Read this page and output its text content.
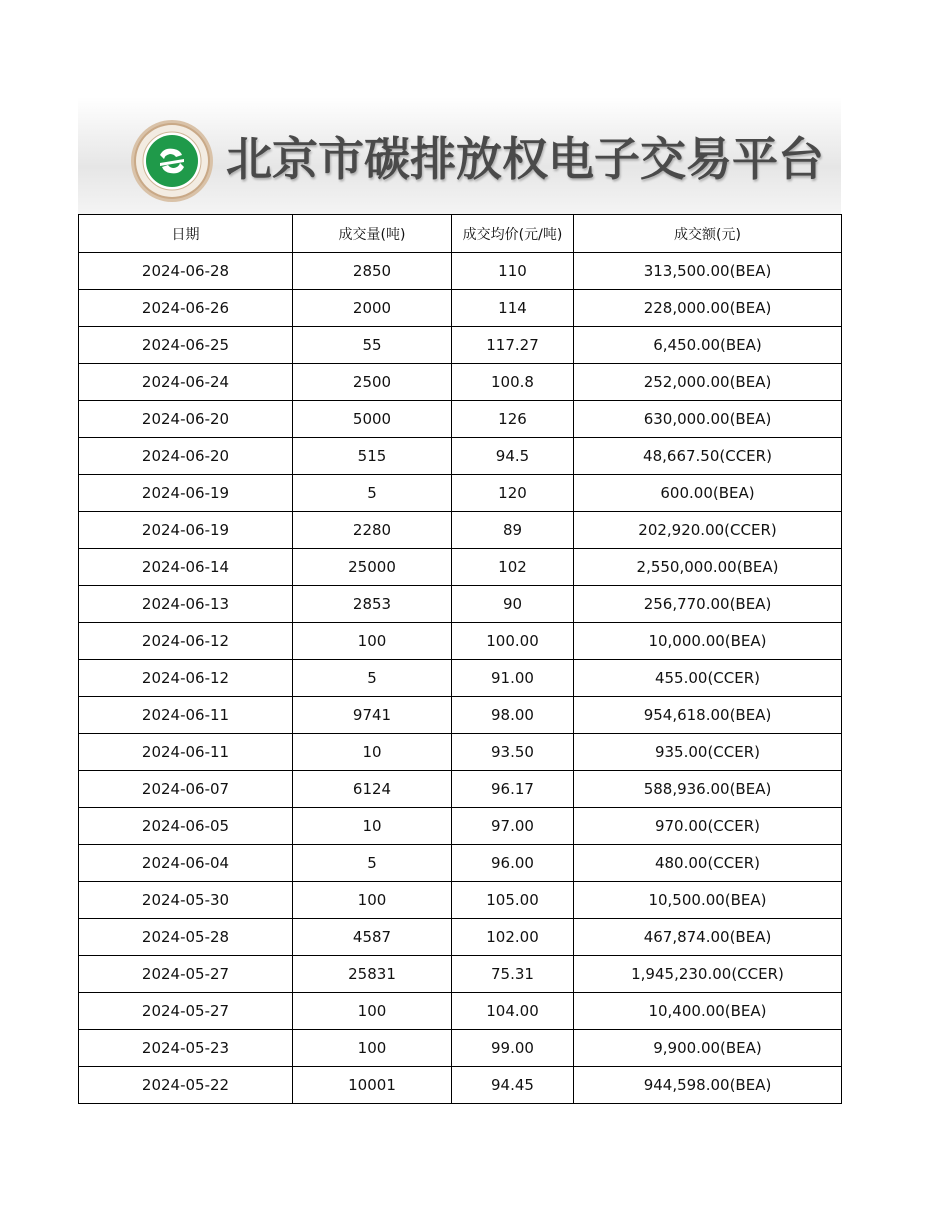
北京市碳排放权电子交易平台
日期	成交量(吨)	成交均价(元/吨)	成交额(元)
2024-06-28	2850	110	313,500.00(BEA)
2024-06-26	2000	114	228,000.00(BEA)
2024-06-25	55	117.27	6,450.00(BEA)
2024-06-24	2500	100.8	252,000.00(BEA)
2024-06-20	5000	126	630,000.00(BEA)
2024-06-20	515	94.5	48,667.50(CCER)
2024-06-19	5	120	600.00(BEA)
2024-06-19	2280	89	202,920.00(CCER)
2024-06-14	25000	102	2,550,000.00(BEA)
2024-06-13	2853	90	256,770.00(BEA)
2024-06-12	100	100.00	10,000.00(BEA)
2024-06-12	5	91.00	455.00(CCER)
2024-06-11	9741	98.00	954,618.00(BEA)
2024-06-11	10	93.50	935.00(CCER)
2024-06-07	6124	96.17	588,936.00(BEA)
2024-06-05	10	97.00	970.00(CCER)
2024-06-04	5	96.00	480.00(CCER)
2024-05-30	100	105.00	10,500.00(BEA)
2024-05-28	4587	102.00	467,874.00(BEA)
2024-05-27	25831	75.31	1,945,230.00(CCER)
2024-05-27	100	104.00	10,400.00(BEA)
2024-05-23	100	99.00	9,900.00(BEA)
2024-05-22	10001	94.45	944,598.00(BEA)
